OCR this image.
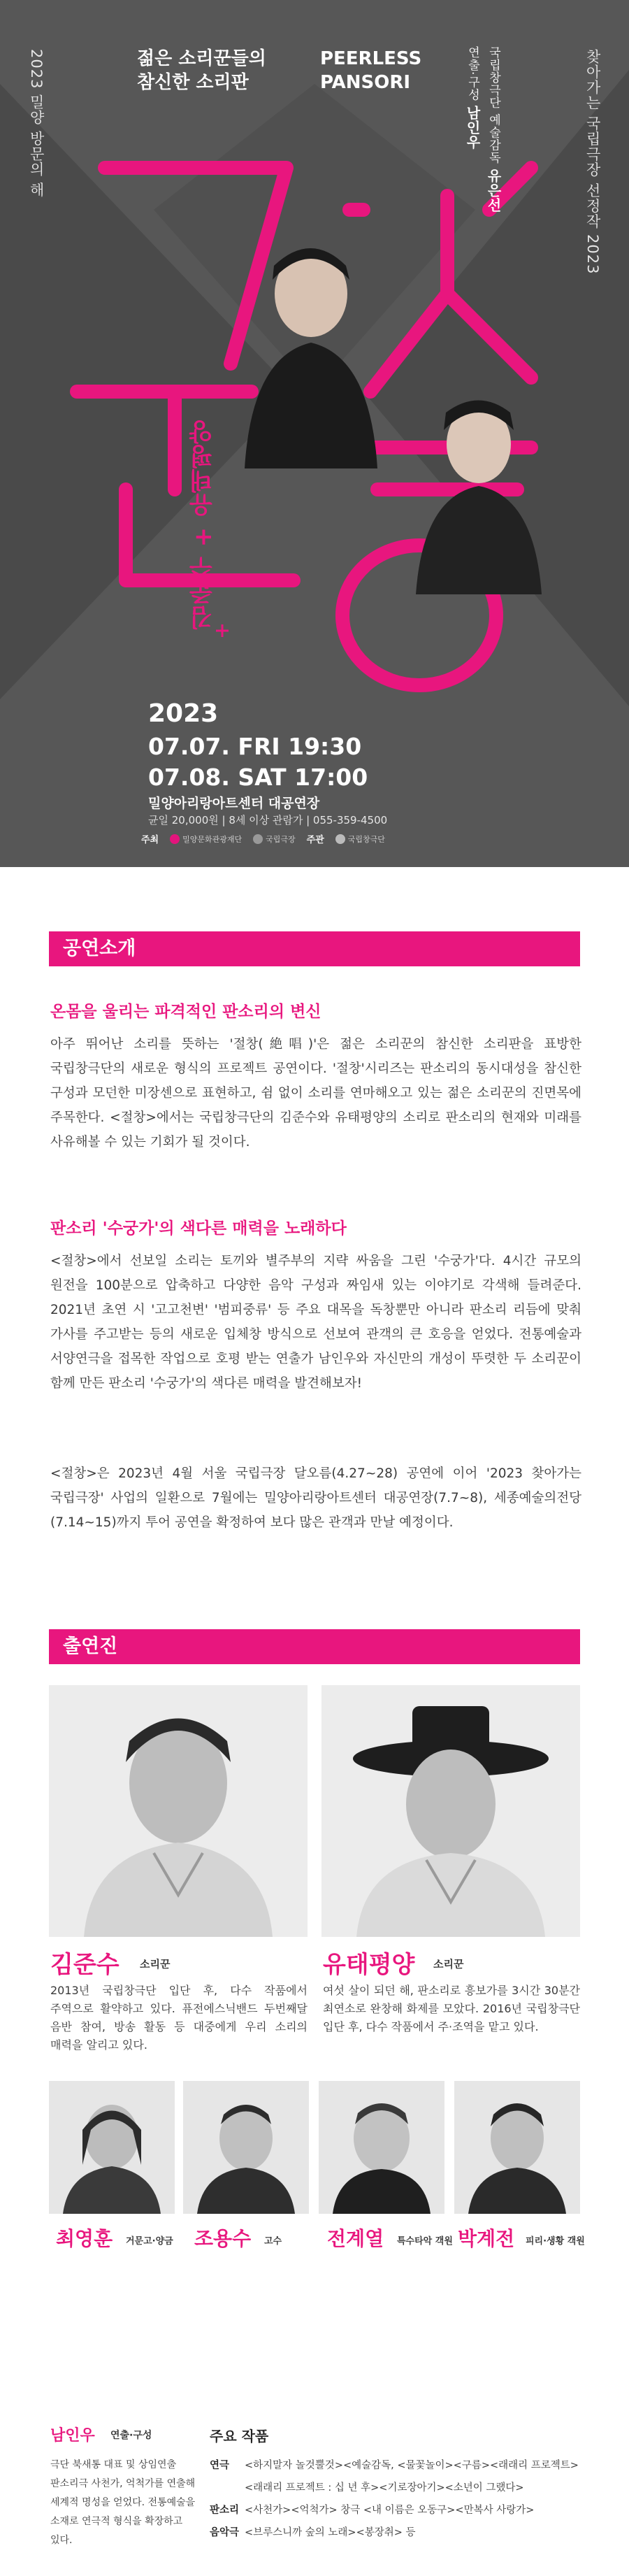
2023 밀양 방문의 해	찾아가는 국립극장 선정작 2023
젊은 소리꾼들의
참신한 소리판
PEERLESS
PANSORI	연출·구성 남인우 국립창극단 예술감독 유은선
김준수 + 유태평양
2023
07.07. FRI 19:30
07.08. SAT 17:00
밀양아리랑아트센터 대공연장
균일 20,000원 | 8세 이상 관람가 | 055-359-4500
주최	밀양문화관광재단	국립극장 주관	국립창극단
공연소개
온몸을 울리는 파격적인 판소리의 변신
아주 뛰어난 소리를 뜻하는 '절창(絶唱)'은 젊은 소리꾼의 참신한 소리판을 표방한 국립창극단의 새로운 형식의 프로젝트 공연이다. '절창'시리즈는 판소리의 동시대성을 참신한 구성과 모던한 미장센으로 표현하고, 쉼 없이 소리를 연마해오고 있는 젊은 소리꾼의 진면목에 주목한다. <절창>에서는 국립창극단의 김준수와 유태평양의 소리로 판소리의 현재와 미래를 사유해볼 수 있는 기회가 될 것이다.
판소리 '수궁가'의 색다른 매력을 노래하다
<절창>에서 선보일 소리는 토끼와 별주부의 지략 싸움을 그린 '수궁가'다. 4시간 규모의 원전을 100분으로 압축하고 다양한 음악 구성과 짜임새 있는 이야기로 각색해 들려준다. 2021년 초연 시 '고고천변' '범피중류' 등 주요 대목을 독창뿐만 아니라 판소리 리듬에 맞춰 가사를 주고받는 등의 새로운 입체창 방식으로 선보여 관객의 큰 호응을 얻었다. 전통예술과 서양연극을 접목한 작업으로 호평 받는 연출가 남인우와 자신만의 개성이 뚜렷한 두 소리꾼이 함께 만든 판소리 '수궁가'의 색다른 매력을 발견해보자!
<절창>은 2023년 4월 서울 국립극장 달오름(4.27~28) 공연에 이어 '2023 찾아가는 국립극장' 사업의 일환으로 7월에는 밀양아리랑아트센터 대공연장(7.7~8), 세종예술의전당(7.14~15)까지 투어 공연을 확정하여 보다 많은 관객과 만날 예정이다.
출연진
김준수 소리꾼
2013년 국립창극단 입단 후, 다수 작품에서 주역으로 활약하고 있다. 퓨전에스닉밴드 두번째달 음반 참여, 방송 활동 등 대중에게 우리 소리의 매력을 알리고 있다.
유태평양 소리꾼
여섯 살이 되던 해, 판소리로 흥보가를 3시간 30분간 최연소로 완창해 화제를 모았다. 2016년 국립창극단 입단 후, 다수 작품에서 주·조역을 맡고 있다.
최영훈 거문고·양금 조용수 고수 전계열 특수타악 객원 박계전 피리·생황 객원
남인우 연출·구성
극단 북새통 대표 및 상임연출 판소리극 사천가, 억척가를 연출해 세계적 명성을 얻었다. 전통예술을 소재로 연극적 형식을 확장하고 있다.
주요 작품
연극 <하지말자 놀것뿔것><예술감독, <물꽃놀이><구름><래래리 프로젝트>
<래래리 프로젝트 : 십 년 후><기로장아기><소년이 그랬다>
판소리 <사천가><억척가> 창극 <내 이름은 오동구><만복사 사랑가>
음악극 <브루스니까 숲의 노래><봉장취> 등
